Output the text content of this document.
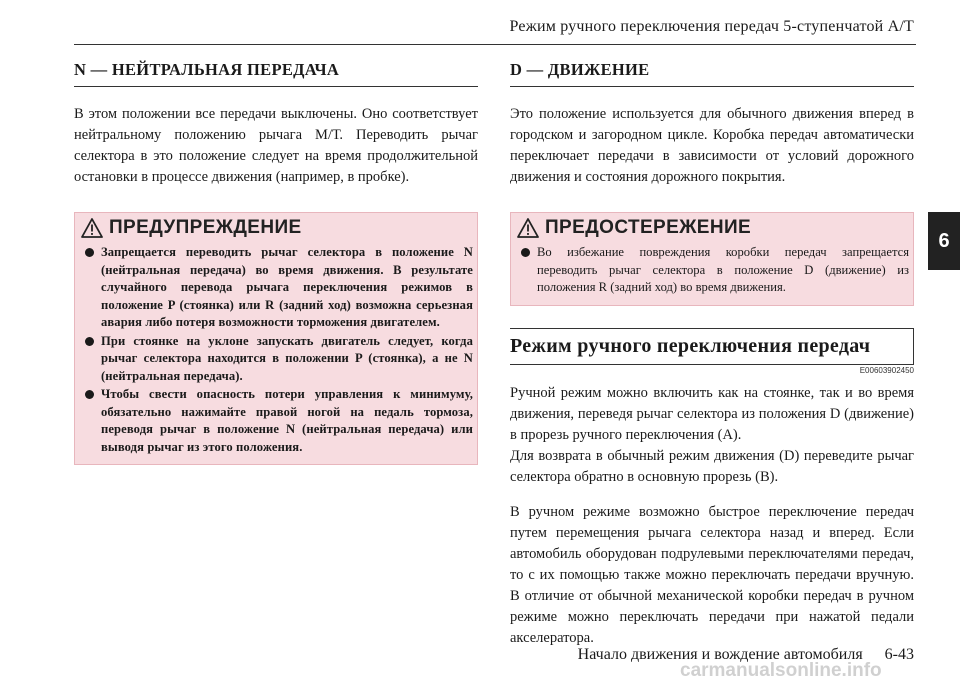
Режим ручного переключения передач 5-ступенчатой А/Т
6
N — НЕЙТРАЛЬНАЯ ПЕРЕДАЧА

В этом положении все передачи выключены. Оно соответствует нейтральному положению рычага М/Т. Переводить рычаг селектора в это положение следует на время продолжительной остановки в процессе движения (например, в пробке).

ПРЕДУПРЕЖДЕНИЕ
Запрещается переводить рычаг селектора в положение N (нейтральная передача) во время движения. В результате случайного перевода рычага переключения режимов в положение P (стоянка) или R (задний ход) возможна серьезная авария либо потеря возможности торможения двигателем.
При стоянке на уклоне запускать двигатель следует, когда рычаг селектора находится в положении P (стоянка), а не N (нейтральная передача).
Чтобы свести опасность потери управления к минимуму, обязательно нажимайте правой ногой на педаль тормоза, переводя рычаг в положение N (нейтральная передача) или выводя рычаг из этого положения.
D — ДВИЖЕНИЕ

Это положение используется для обычного движения вперед в городском и загородном цикле. Коробка передач автоматически переключает передачи в зависимости от условий дорожного движения и состояния дорожного покрытия.

ПРЕДОСТЕРЕЖЕНИЕ
Во избежание повреждения коробки передач запрещается переводить рычаг селектора в положение D (движение) из положения R (задний ход) во время движения.
Режим ручного переключения передач
E00603902450

Ручной режим можно включить как на стоянке, так и во время движения, переведя рычаг селектора из положения D (движение) в прорезь ручного переключения (A).

Для возврата в обычный режим движения (D) переведите рычаг селектора обратно в основную прорезь (B).

В ручном режиме возможно быстрое переключение передач путем перемещения рычага селектора назад и вперед. Если автомобиль оборудован подрулевыми переключателями передач, то с их помощью также можно переключать передачи вручную. В отличие от обычной механической коробки передач в ручном режиме можно переключать передачи при нажатой педали акселератора.

Начало движения и вождение автомобиля 6-43
carmanualsonline.info
